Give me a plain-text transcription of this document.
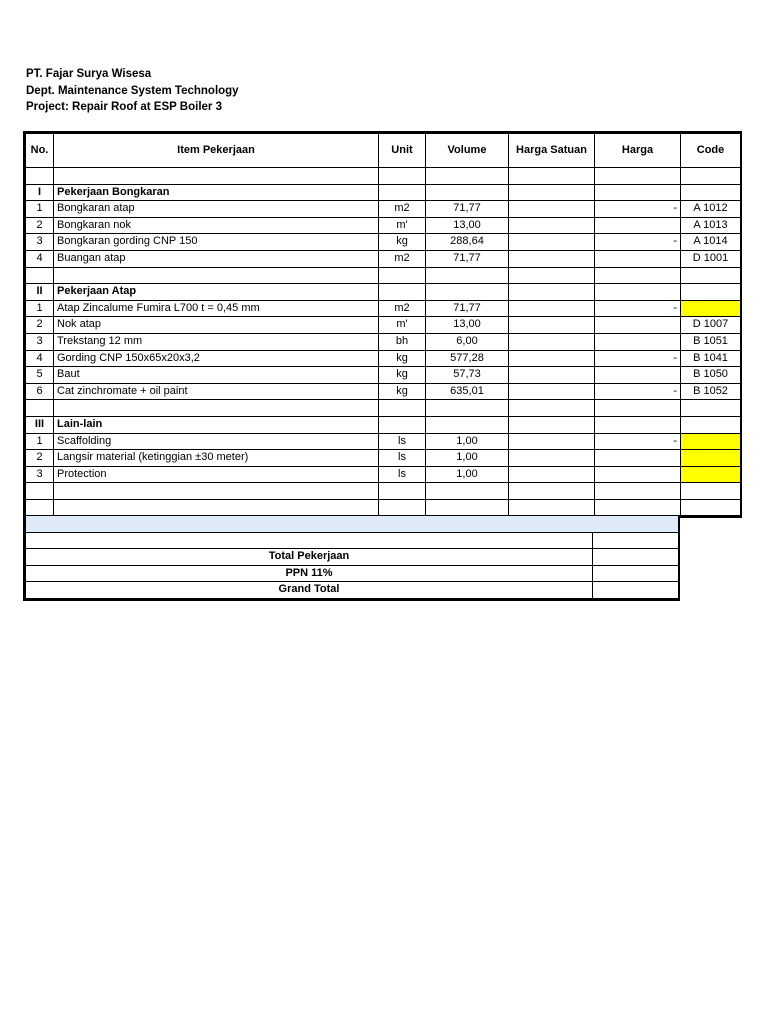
PT. Fajar Surya Wisesa
Dept. Maintenance System Technology
Project: Repair Roof at ESP Boiler 3
No.	Item Pekerjaan	Unit	Volume	Harga Satuan	Harga	Code

I	Pekerjaan Bongkaran					
1	Bongkaran atap	m2	71,77		-	A 1012
2	Bongkaran nok	m'	13,00			A 1013
3	Bongkaran gording CNP 150	kg	288,64		-	A 1014
4	Buangan atap	m2	71,77			D 1001

II	Pekerjaan Atap					
1	Atap Zincalume Fumira L700 t = 0,45 mm	m2	71,77		-	
2	Nok atap	m'	13,00			D 1007
3	Trekstang 12 mm	bh	6,00			B 1051
4	Gording CNP 150x65x20x3,2	kg	577,28		-	B 1041
5	Baut	kg	57,73			B 1050
6	Cat zinchromate + oil paint	kg	635,01		-	B 1052

III	Lain-lain					
1	Scaffolding	ls	1,00		-	
2	Langsir material (ketinggian ±30 meter)	ls	1,00			
3	Protection	ls	1,00			

Total Pekerjaan	
PPN 11%	
Grand Total	
